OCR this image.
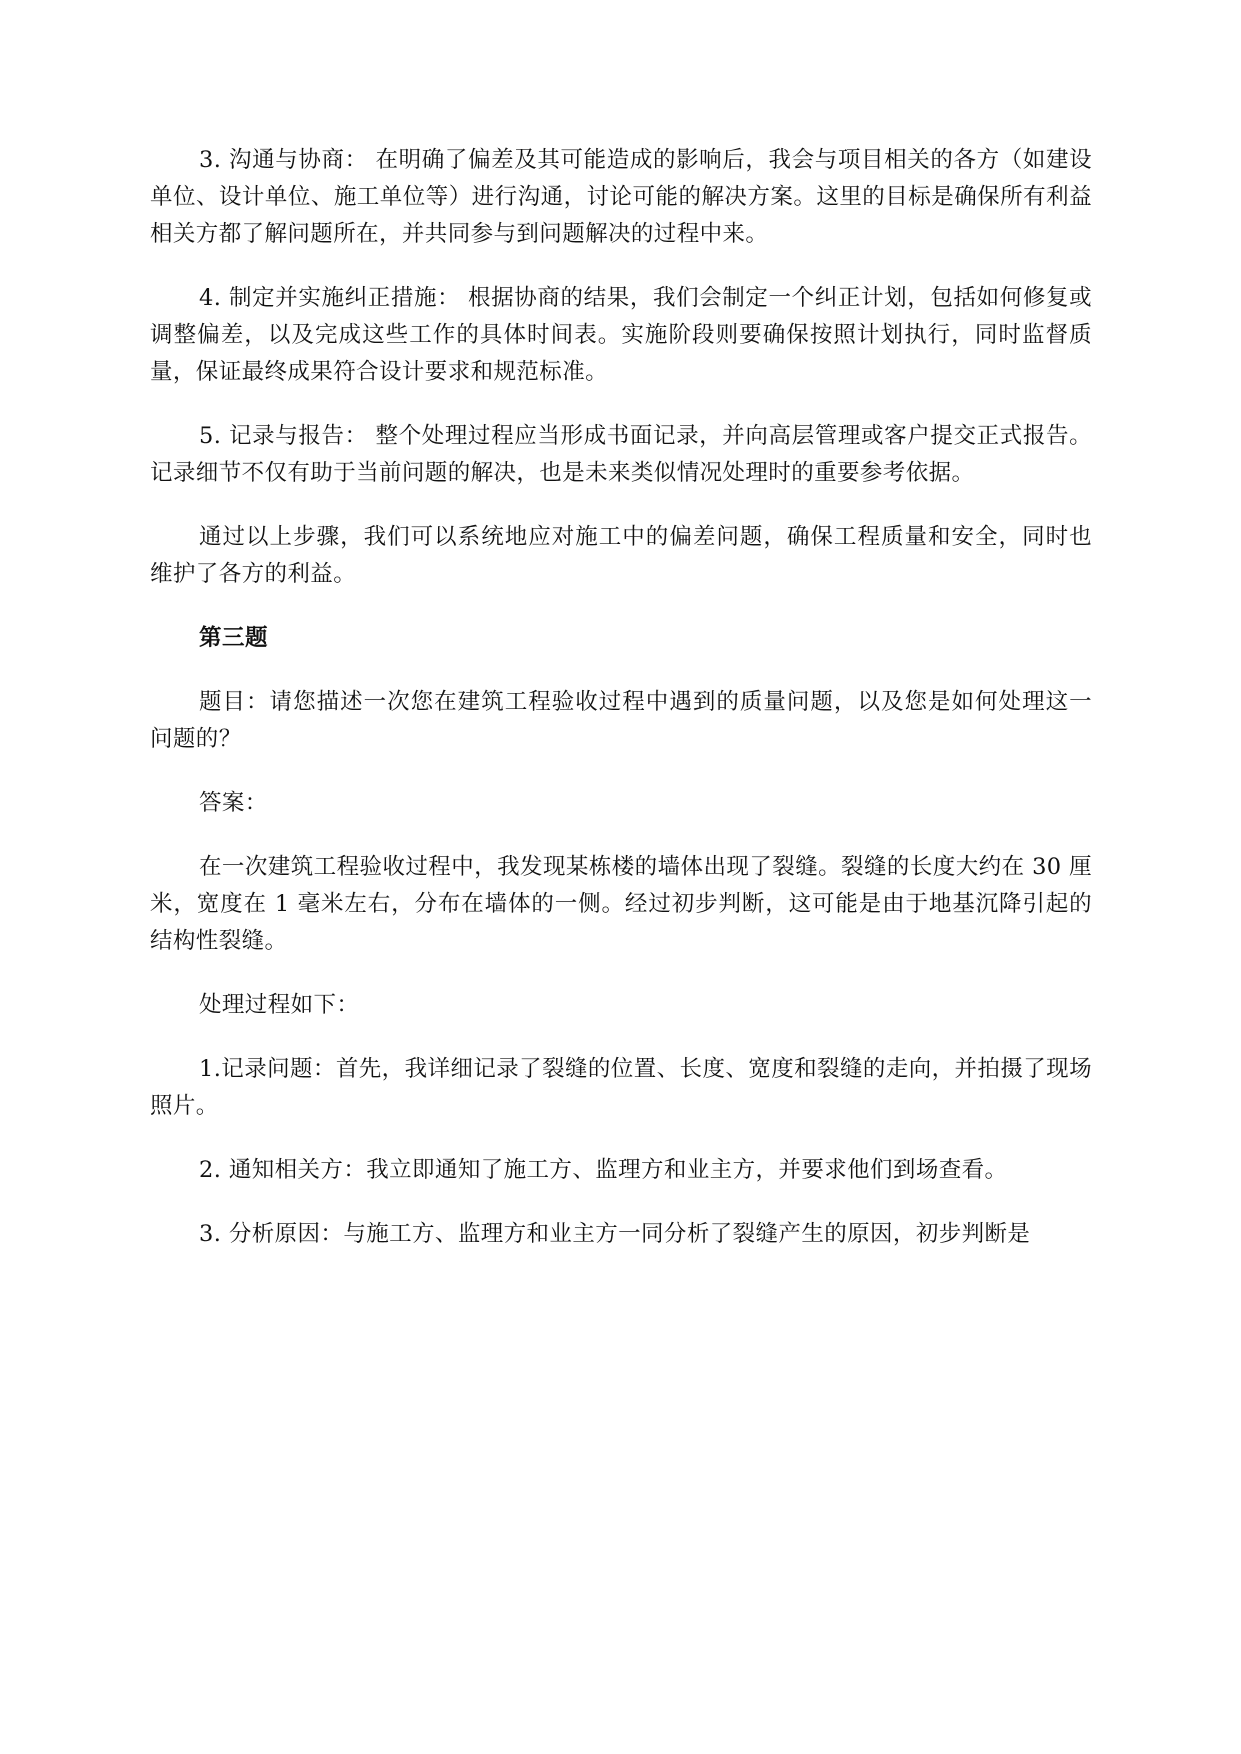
3. 沟通与协商： 在明确了偏差及其可能造成的影响后，我会与项目相关的各方（如建设单位、设计单位、施工单位等）进行沟通，讨论可能的解决方案。这里的目标是确保所有利益相关方都了解问题所在，并共同参与到问题解决的过程中来。

4. 制定并实施纠正措施： 根据协商的结果，我们会制定一个纠正计划，包括如何修复或调整偏差，以及完成这些工作的具体时间表。实施阶段则要确保按照计划执行，同时监督质量，保证最终成果符合设计要求和规范标准。

5. 记录与报告： 整个处理过程应当形成书面记录，并向高层管理或客户提交正式报告。记录细节不仅有助于当前问题的解决，也是未来类似情况处理时的重要参考依据。

通过以上步骤，我们可以系统地应对施工中的偏差问题，确保工程质量和安全，同时也维护了各方的利益。

第三题

题目：请您描述一次您在建筑工程验收过程中遇到的质量问题，以及您是如何处理这一问题的？

答案：

在一次建筑工程验收过程中，我发现某栋楼的墙体出现了裂缝。裂缝的长度大约在 30 厘米，宽度在 1 毫米左右，分布在墙体的一侧。经过初步判断，这可能是由于地基沉降引起的结构性裂缝。

处理过程如下：

1.记录问题：首先，我详细记录了裂缝的位置、长度、宽度和裂缝的走向，并拍摄了现场照片。

2. 通知相关方：我立即通知了施工方、监理方和业主方，并要求他们到场查看。

3. 分析原因：与施工方、监理方和业主方一同分析了裂缝产生的原因，初步判断是
